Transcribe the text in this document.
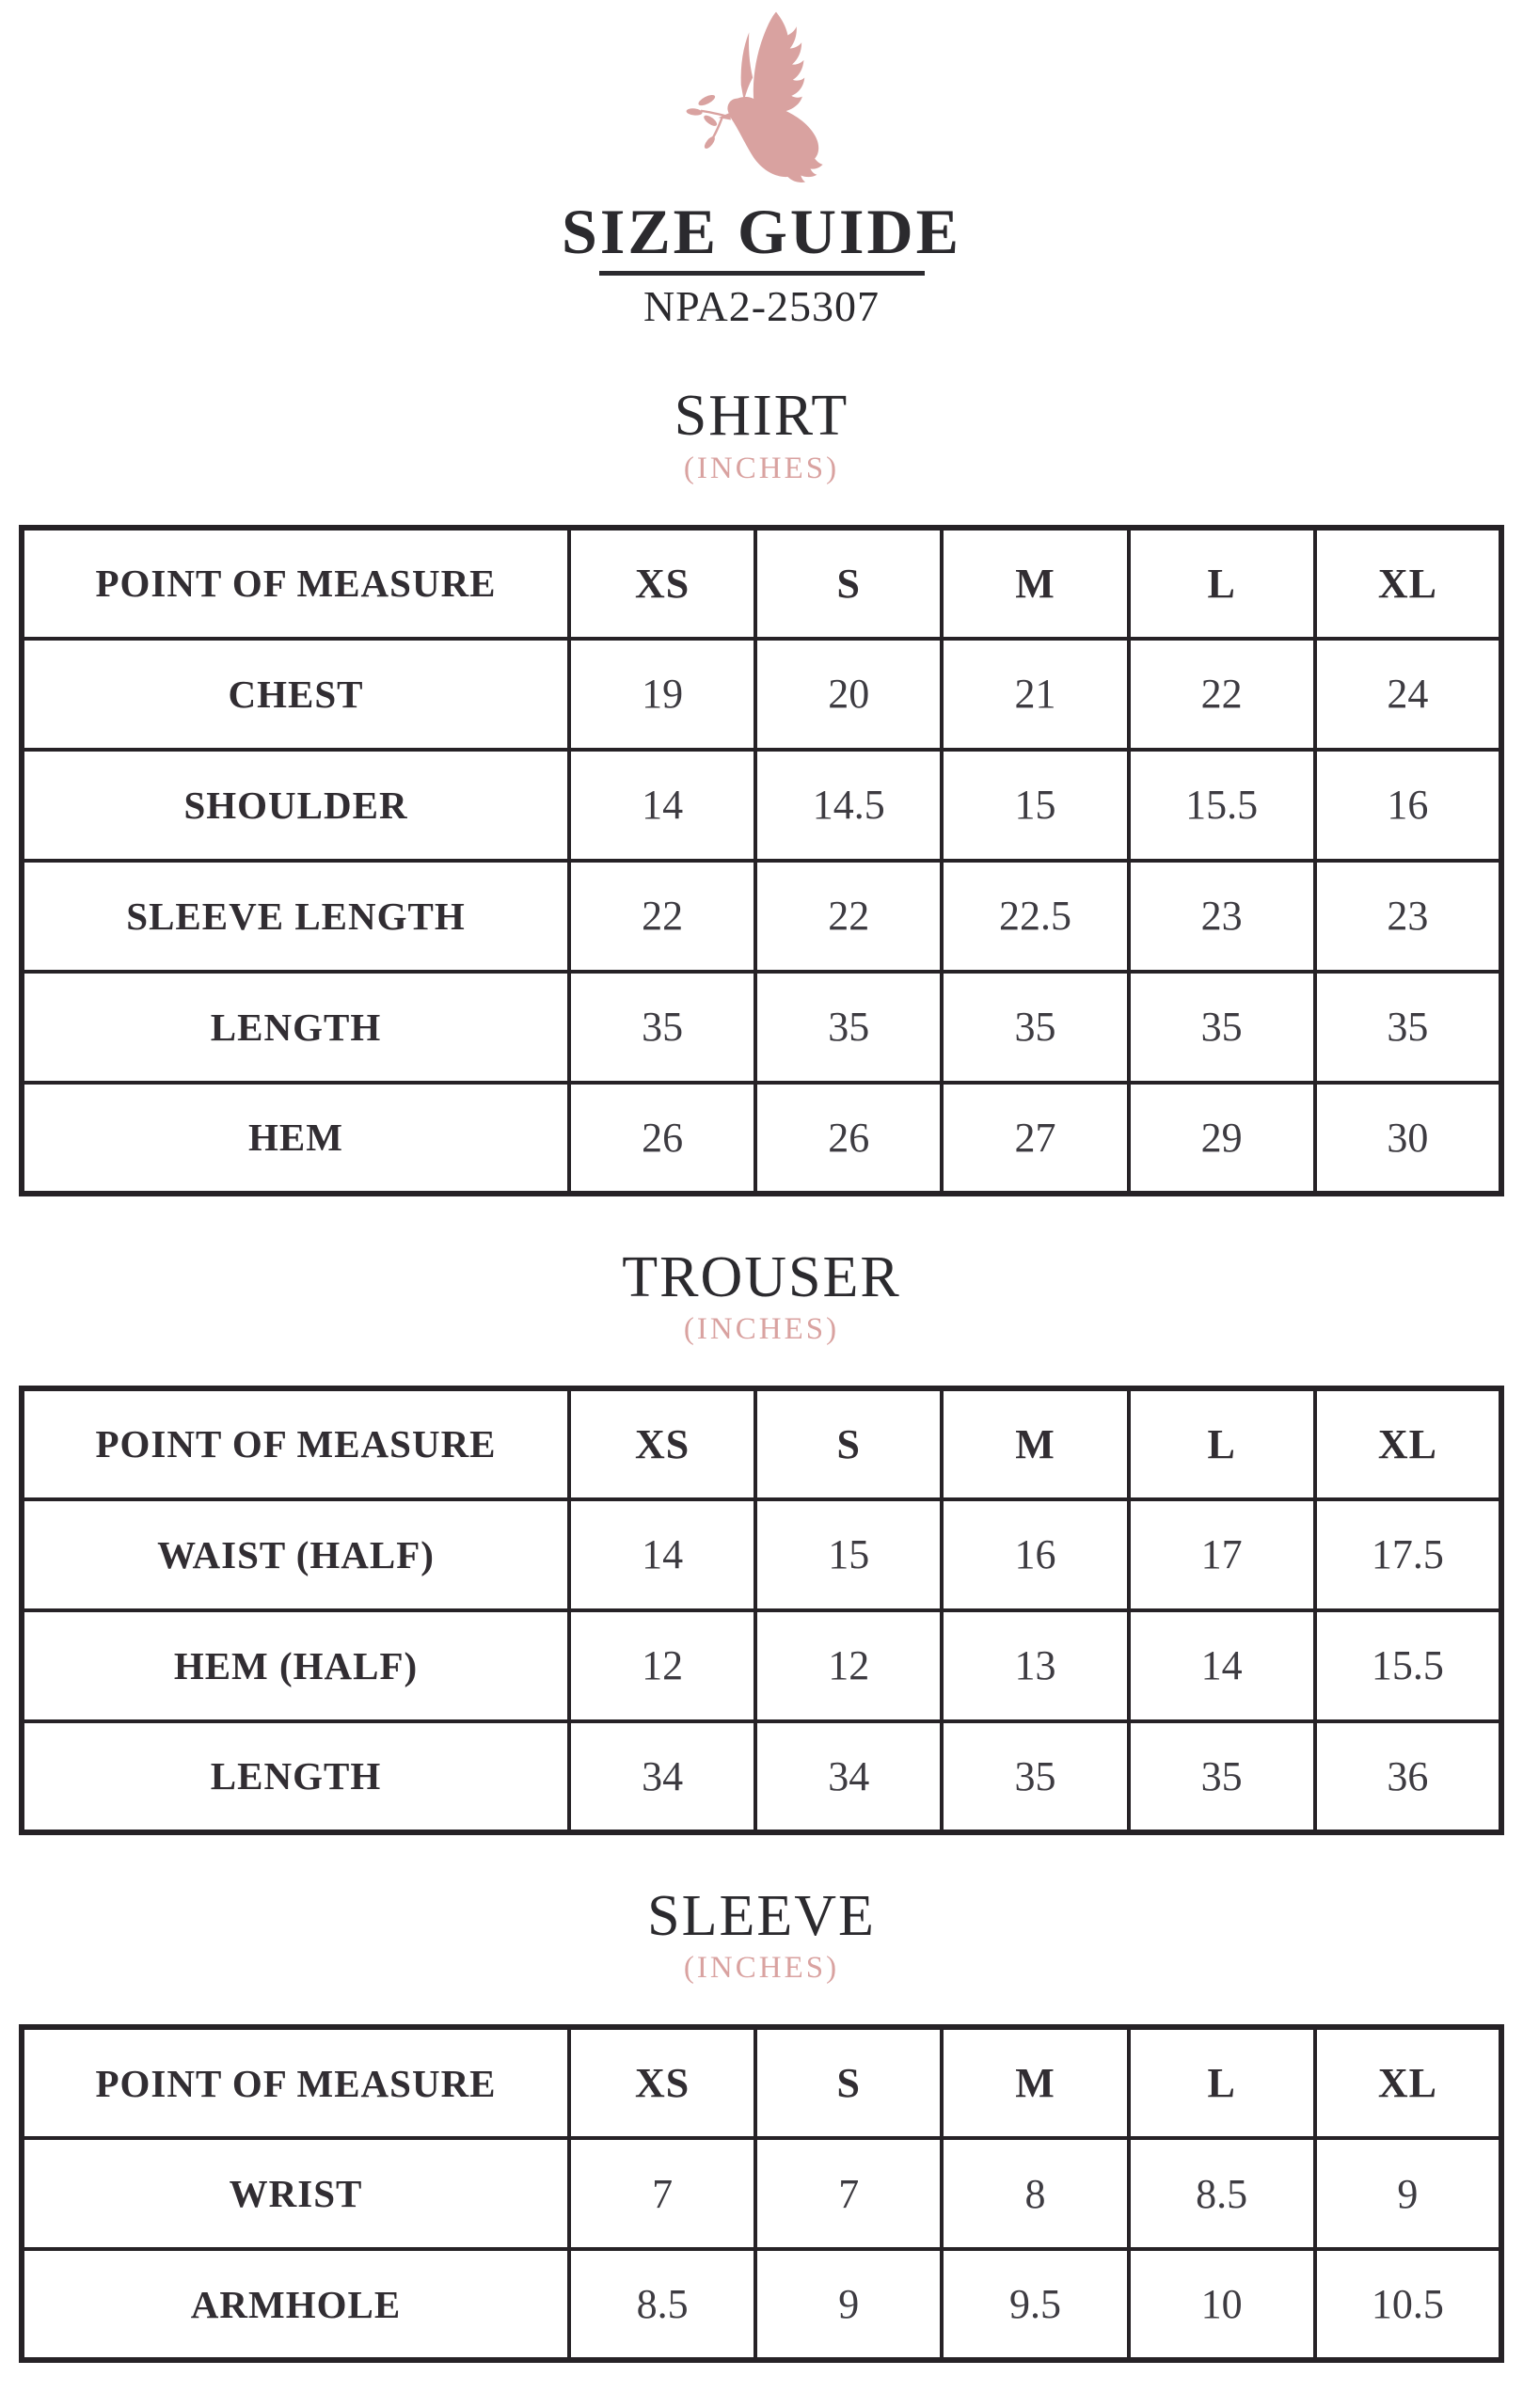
SIZE GUIDE
NPA2-25307
SHIRT
(INCHES)
POINT OF MEASURE	XS	S	M	L	XL
CHEST	19	20	21	22	24
SHOULDER	14	14.5	15	15.5	16
SLEEVE LENGTH	22	22	22.5	23	23
LENGTH	35	35	35	35	35
HEM	26	26	27	29	30
TROUSER
(INCHES)
POINT OF MEASURE	XS	S	M	L	XL
WAIST (HALF)	14	15	16	17	17.5
HEM (HALF)	12	12	13	14	15.5
LENGTH	34	34	35	35	36
SLEEVE
(INCHES)
POINT OF MEASURE	XS	S	M	L	XL
WRIST	7	7	8	8.5	9
ARMHOLE	8.5	9	9.5	10	10.5
